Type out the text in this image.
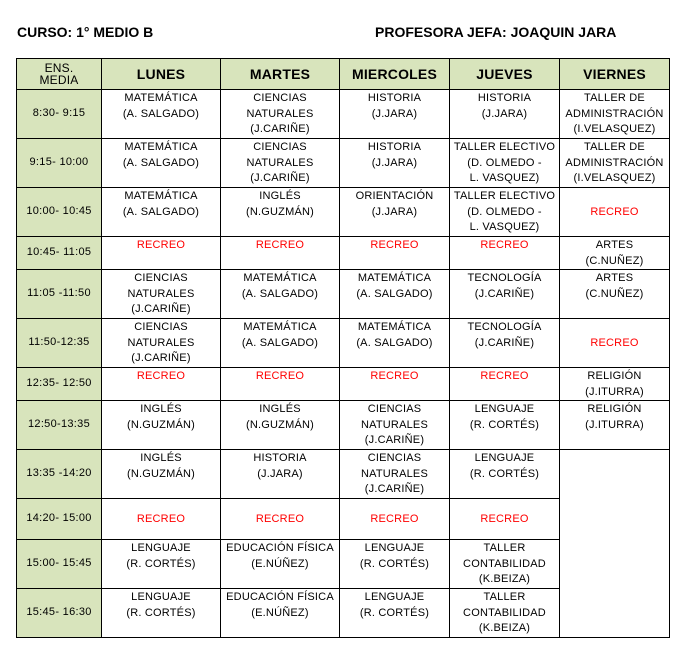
CURSO: 1° MEDIO B	PROFESORA JEFA: JOAQUIN JARA
ENS.
MEDIA	LUNES	MARTES	MIERCOLES	JUEVES	VIERNES
8:30- 9:15	MATEMÁTICA
(A. SALGADO)	CIENCIAS
NATURALES
(J.CARIÑE)	HISTORIA
(J.JARA)	HISTORIA
(J.JARA)	TALLER DE
ADMINISTRACIÓN
(I.VELASQUEZ)

9:15- 10:00	MATEMÁTICA
(A. SALGADO)	CIENCIAS
NATURALES
(J.CARIÑE)	HISTORIA
(J.JARA)	TALLER ELECTIVO
(D. OLMEDO -
L. VASQUEZ)	TALLER DE
ADMINISTRACIÓN
(I.VELASQUEZ)

10:00- 10:45	MATEMÁTICA
(A. SALGADO)	INGLÉS
(N.GUZMÁN)	ORIENTACIÓN
(J.JARA)	TALLER ELECTIVO
(D. OLMEDO -
L. VASQUEZ)	RECREO

10:45- 11:05	RECREO	RECREO	RECREO	RECREO	ARTES
(C.NUÑEZ)

11:05 -11:50	CIENCIAS
NATURALES
(J.CARIÑE)	MATEMÁTICA
(A. SALGADO)	MATEMÁTICA
(A. SALGADO)	TECNOLOGÍA
(J.CARIÑE)	ARTES
(C.NUÑEZ)

11:50-12:35	CIENCIAS
NATURALES
(J.CARIÑE)	MATEMÁTICA
(A. SALGADO)	MATEMÁTICA
(A. SALGADO)	TECNOLOGÍA
(J.CARIÑE)	RECREO

12:35- 12:50	RECREO	RECREO	RECREO	RECREO	RELIGIÓN
(J.ITURRA)

12:50-13:35	INGLÉS
(N.GUZMÁN)	INGLÉS
(N.GUZMÁN)	CIENCIAS
NATURALES
(J.CARIÑE)	LENGUAJE
(R. CORTÉS)	RELIGIÓN
(J.ITURRA)

13:35 -14:20	INGLÉS
(N.GUZMÁN)	HISTORIA
(J.JARA)	CIENCIAS
NATURALES
(J.CARIÑE)	LENGUAJE
(R. CORTÉS)	

14:20- 15:00	RECREO	RECREO	RECREO	RECREO	

15:00- 15:45	LENGUAJE
(R. CORTÉS)	EDUCACIÓN FÍSICA
(E.NÚÑEZ)	LENGUAJE
(R. CORTÉS)	TALLER
CONTABILIDAD
(K.BEIZA)	

15:45- 16:30	LENGUAJE
(R. CORTÉS)	EDUCACIÓN FÍSICA
(E.NÚÑEZ)	LENGUAJE
(R. CORTÉS)	TALLER
CONTABILIDAD
(K.BEIZA)	
